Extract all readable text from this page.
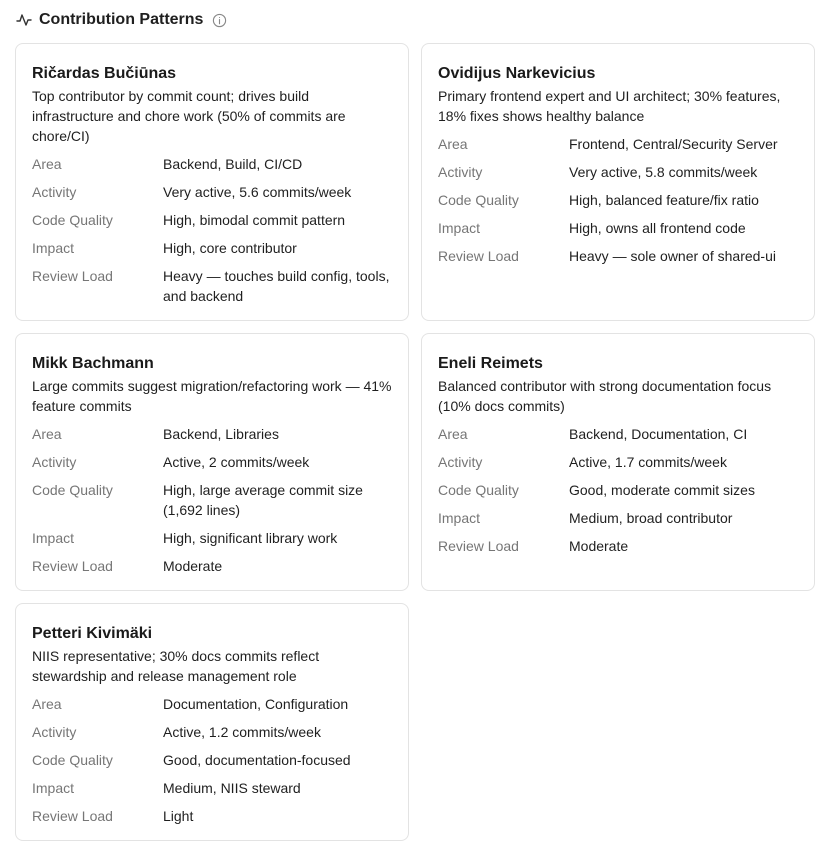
Contribution Patterns
Ričardas Bučiūnas
Top contributor by commit count; drives build infrastructure and chore work (50% of commits are chore/CI)
Area	Backend, Build, CI/CD
Activity	Very active, 5.6 commits/week
Code Quality	High, bimodal commit pattern
Impact	High, core contributor
Review Load	Heavy — touches build config, tools, and backend
Ovidijus Narkevicius
Primary frontend expert and UI architect; 30% features, 18% fixes shows healthy balance
Area	Frontend, Central/Security Server
Activity	Very active, 5.8 commits/week
Code Quality	High, balanced feature/fix ratio
Impact	High, owns all frontend code
Review Load	Heavy — sole owner of shared-ui
Mikk Bachmann
Large commits suggest migration/refactoring work — 41% feature commits
Area	Backend, Libraries
Activity	Active, 2 commits/week
Code Quality	High, large average commit size (1,692 lines)
Impact	High, significant library work
Review Load	Moderate
Eneli Reimets
Balanced contributor with strong documentation focus (10% docs commits)
Area	Backend, Documentation, CI
Activity	Active, 1.7 commits/week
Code Quality	Good, moderate commit sizes
Impact	Medium, broad contributor
Review Load	Moderate
Petteri Kivimäki
NIIS representative; 30% docs commits reflect stewardship and release management role
Area	Documentation, Configuration
Activity	Active, 1.2 commits/week
Code Quality	Good, documentation-focused
Impact	Medium, NIIS steward
Review Load	Light
